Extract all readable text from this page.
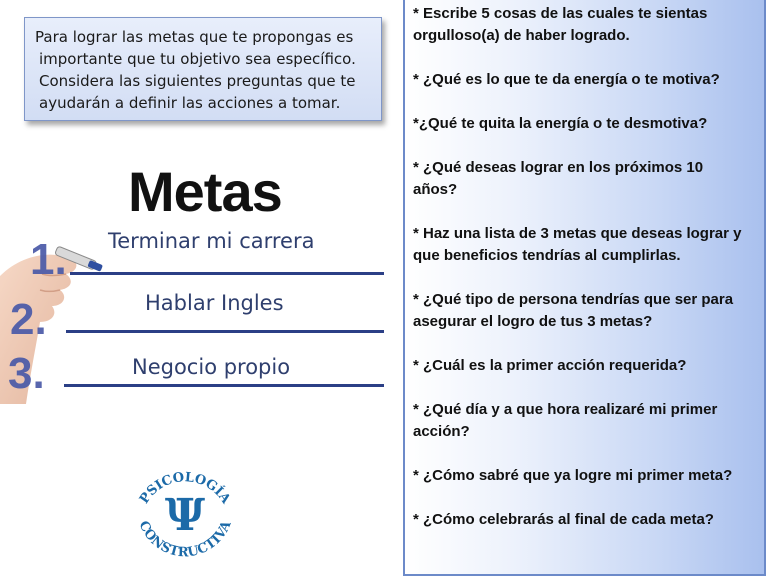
Para lograr las metas que te propongas es
importante que tu objetivo sea específico.
Considera las siguientes preguntas que te
ayudarán a definir las acciones a tomar.
Metas
1.
2.
3.
Terminar mi carrera
Hablar Ingles
Negocio propio
PSICOLOGÍA
CONSTRUCTIVA
Ψ

* Escribe 5 cosas de las cuales te sientas
orgulloso(a) de haber logrado.

* ¿Qué es lo que te da energía o te motiva?

*¿Qué te quita la energía o te desmotiva?

* ¿Qué deseas lograr en los próximos 10
años?

* Haz una lista de 3 metas que deseas lograr y
que beneficios tendrías al cumplirlas.

* ¿Qué tipo de persona tendrías que ser para
asegurar el logro de tus 3 metas?

* ¿Cuál es la primer acción requerida?

* ¿Qué día y a que hora realizaré mi primer
acción?

* ¿Cómo sabré que ya logre mi primer meta?

* ¿Cómo celebrarás al final de cada meta?
